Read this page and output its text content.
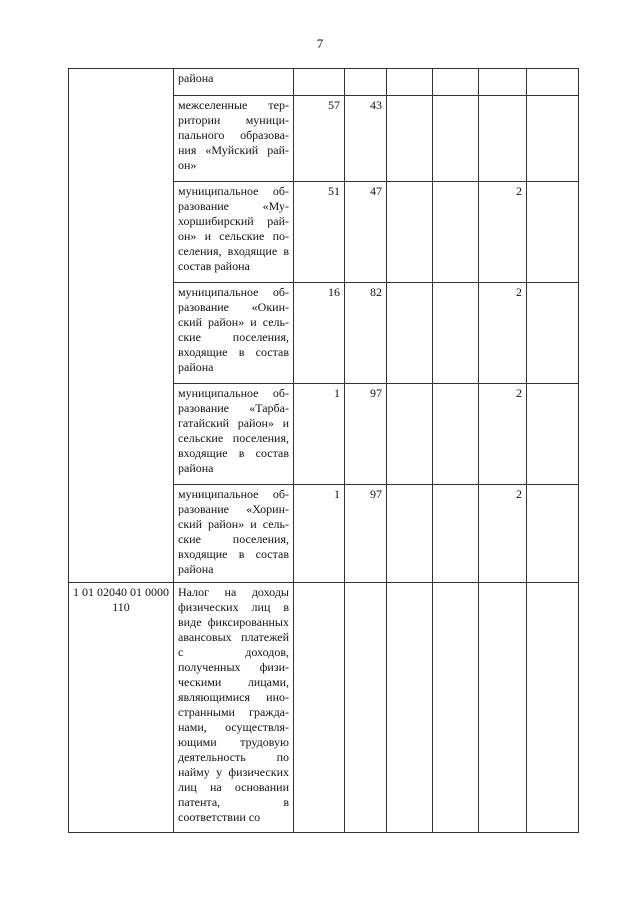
7
	района						
	межселенные территории муниципального образования «Муйский район»	57	43				
	муниципальное образование «Мухоршибирский район» и сельские поселения, входящие в состав района	51	47			2	
	муниципальное образование «Окинский район» и сельские поселения, входящие в состав района	16	82			2	
	муниципальное образование «Тарбагатайский район» и сельские поселения, входящие в состав района	1	97			2	
	муниципальное образование «Хоринский район» и сельские поселения, входящие в состав района	1	97			2	
1 01 02040 01 0000 110	Налог на доходы физических лиц в виде фиксированных авансовых платежей с доходов, полученных физическими лицами, являющимися иностранными гражданами, осуществляющими трудовую деятельность по найму у физических лиц на основании патента, в соответствии со						
